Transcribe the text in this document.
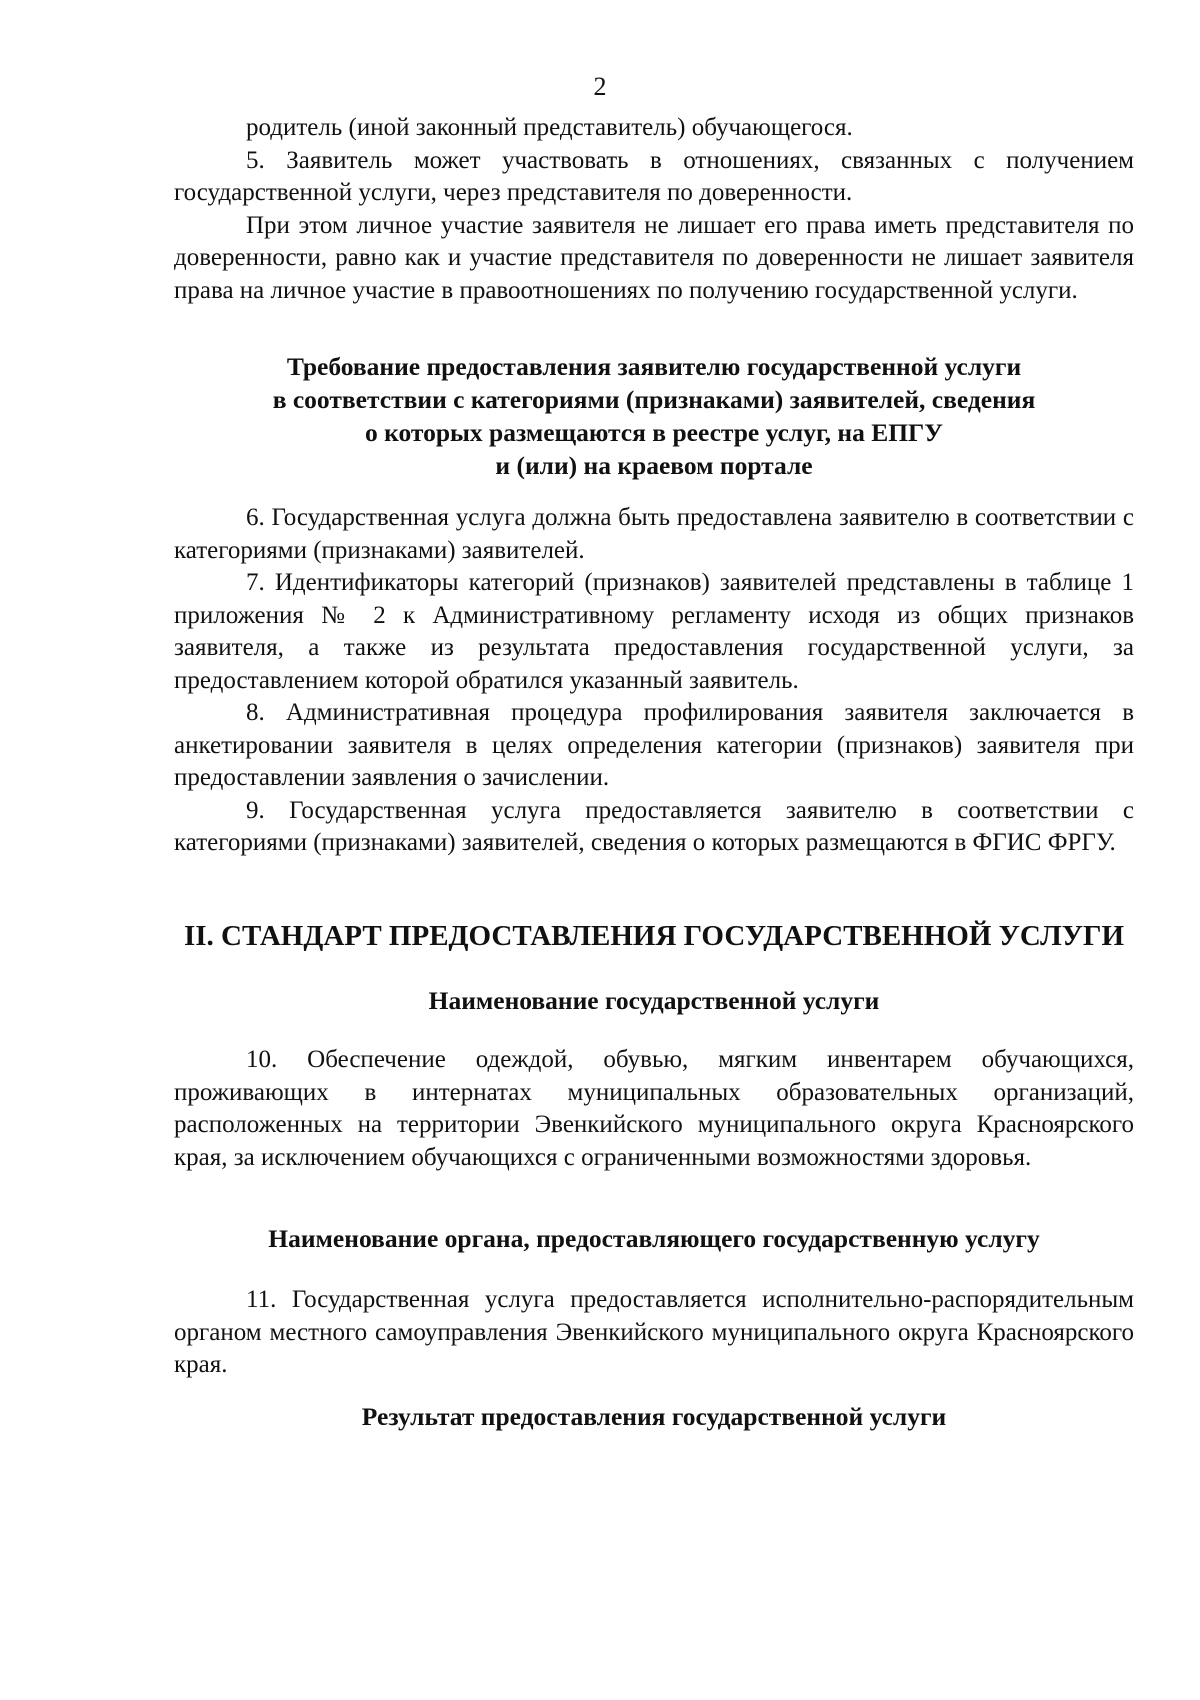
2

родитель (иной законный представитель) обучающегося.

5. Заявитель может участвовать в отношениях, связанных с получением государственной услуги, через представителя по доверенности.

При этом личное участие заявителя не лишает его права иметь представителя по доверенности, равно как и участие представителя по доверенности не лишает заявителя права на личное участие в правоотношениях по получению государственной услуги.

Требование предоставления заявителю государственной услуги
в соответствии с категориями (признаками) заявителей, сведения
о которых размещаются в реестре услуг, на ЕПГУ
и (или) на краевом портале

6. Государственная услуга должна быть предоставлена заявителю в соответствии с категориями (признаками) заявителей.

7. Идентификаторы категорий (признаков) заявителей представлены в таблице 1 приложения № 2 к Административному регламенту исходя из общих признаков заявителя, а также из результата предоставления государственной услуги, за предоставлением которой обратился указанный заявитель.

8. Административная процедура профилирования заявителя заключается в анкетировании заявителя в целях определения категории (признаков) заявителя при предоставлении заявления о зачислении.

9. Государственная услуга предоставляется заявителю в соответствии с категориями (признаками) заявителей, сведения о которых размещаются в ФГИС ФРГУ.

II. СТАНДАРТ ПРЕДОСТАВЛЕНИЯ ГОСУДАРСТВЕННОЙ УСЛУГИ
Наименование государственной услуги

10. Обеспечение одеждой, обувью, мягким инвентарем обучающихся, проживающих в интернатах муниципальных образовательных организаций, расположенных на территории Эвенкийского муниципального округа Красноярского края, за исключением обучающихся с ограниченными возможностями здоровья.

Наименование органа, предоставляющего государственную услугу

11. Государственная услуга предоставляется исполнительно-распорядительным органом местного самоуправления Эвенкийского муниципального округа Красноярского края.

Результат предоставления государственной услуги
